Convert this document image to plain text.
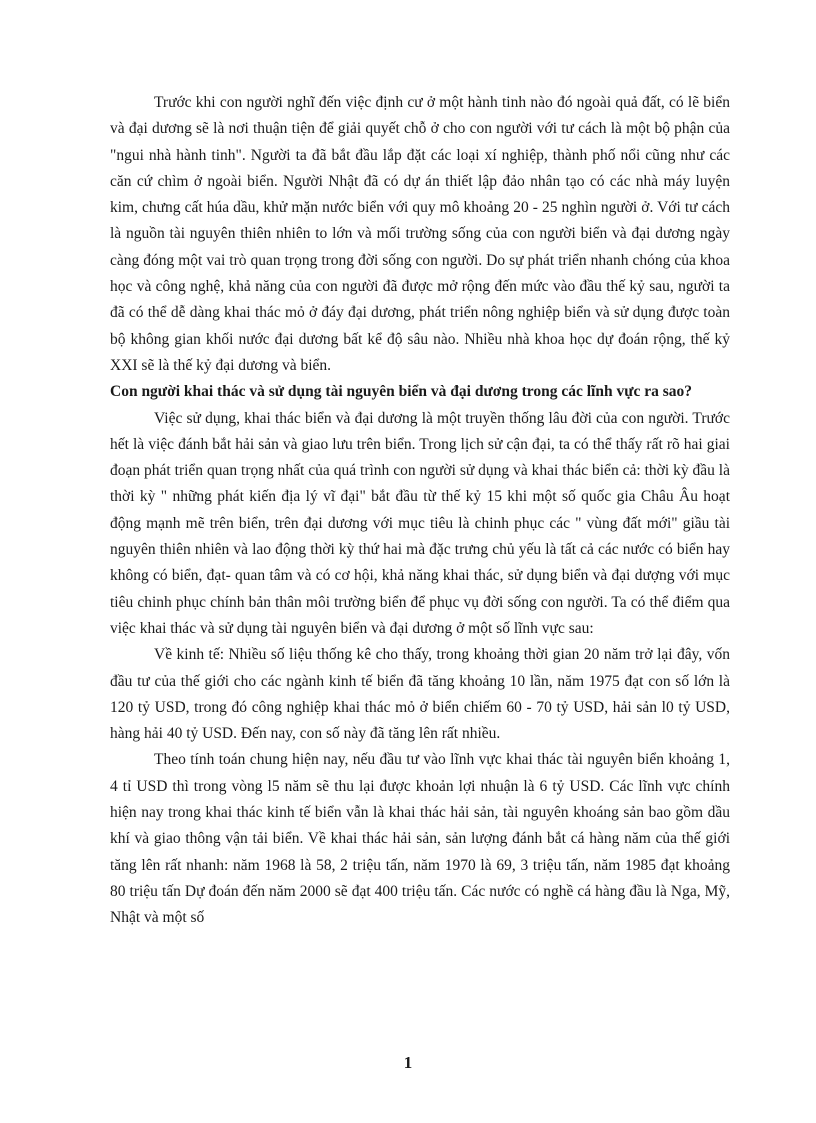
Trước khi con người nghĩ đến việc định cư ở một hành tinh nào đó ngoài quả đất, có lẽ biển và đại dương sẽ là nơi thuận tiện để giải quyết chỗ ở cho con người với tư cách là một bộ phận của "ngui nhà hành tinh". Người ta đã bắt đầu lắp đặt các loại xí nghiệp, thành phố nổi cũng như các căn cứ chìm ở ngoài biển. Người Nhật đã có dự án thiết lập đảo nhân tạo có các nhà máy luyện kim, chưng cất húa dầu, khử mặn nước biển với quy mô khoảng 20 - 25 nghìn người ở. Với tư cách là nguồn tài nguyên thiên nhiên to lớn và mối trường sống của con người biển và đại dương ngày càng đóng một vai trò quan trọng trong đời sống con người. Do sự phát triển nhanh chóng của khoa học và công nghệ, khả năng của con người đã được mở rộng đến mức vào đầu thế kỷ sau, người ta đã có thể dễ dàng khai thác mỏ ở đáy đại dương, phát triển nông nghiệp biển và sử dụng được toàn bộ không gian khối nước đại dương bất kể độ sâu nào. Nhiều nhà khoa học dự đoán rộng, thế kỷ XXI sẽ là thế kỷ đại dương và biển.

Con người khai thác và sử dụng tài nguyên biển và đại dương trong các lĩnh vực ra sao?

Việc sử dụng, khai thác biển và đại dương là một truyền thống lâu đời của con người. Trước hết là việc đánh bắt hải sản và giao lưu trên biển. Trong lịch sử cận đại, ta có thể thấy rất rõ hai giai đoạn phát triển quan trọng nhất của quá trình con người sử dụng và khai thác biển cả: thời kỳ đầu là thời kỳ " những phát kiến địa lý vĩ đại" bắt đầu từ thế kỷ 15 khi một số quốc gia Châu Âu hoạt động mạnh mẽ trên biển, trên đại dương với mục tiêu là chinh phục các " vùng đất mới" giầu tài nguyên thiên nhiên và lao động thời kỳ thứ hai mà đặc trưng chủ yếu là tất cả các nước có biển hay không có biển, đạt- quan tâm và có cơ hội, khả năng khai thác, sử dụng biển và đại dượng với mục tiêu chinh phục chính bản thân môi trường biển để phục vụ đời sống con người. Ta có thể điểm qua việc khai thác và sử dụng tài nguyên biển và đại dương ở một số lĩnh vực sau:

Về kinh tế: Nhiều số liệu thống kê cho thấy, trong khoảng thời gian 20 năm trở lại đây, vốn đầu tư của thế giới cho các ngành kinh tế biển đã tăng khoảng 10 lần, năm 1975 đạt con số lớn là 120 tỷ USD, trong đó công nghiệp khai thác mỏ ở biển chiếm 60 - 70 tỷ USD, hải sản l0 tỷ USD, hàng hải 40 tỷ USD. Đến nay, con số này đã tăng lên rất nhiều.

Theo tính toán chung hiện nay, nếu đầu tư vào lĩnh vực khai thác tài nguyên biển khoảng 1, 4 tỉ USD thì trong vòng l5 năm sẽ thu lại được khoản lợi nhuận là 6 tỷ USD. Các lĩnh vực chính hiện nay trong khai thác kinh tế biển vẫn là khai thác hải sản, tài nguyên khoáng sản bao gồm dầu khí và giao thông vận tải biển. Về khai thác hải sản, sản lượng đánh bắt cá hàng năm của thế giới tăng lên rất nhanh: năm 1968 là 58, 2 triệu tấn, năm 1970 là 69, 3 triệu tấn, năm 1985 đạt khoảng 80 triệu tấn Dự đoán đến năm 2000 sẽ đạt 400 triệu tấn. Các nước có nghề cá hàng đầu là Nga, Mỹ, Nhật và một số

1
